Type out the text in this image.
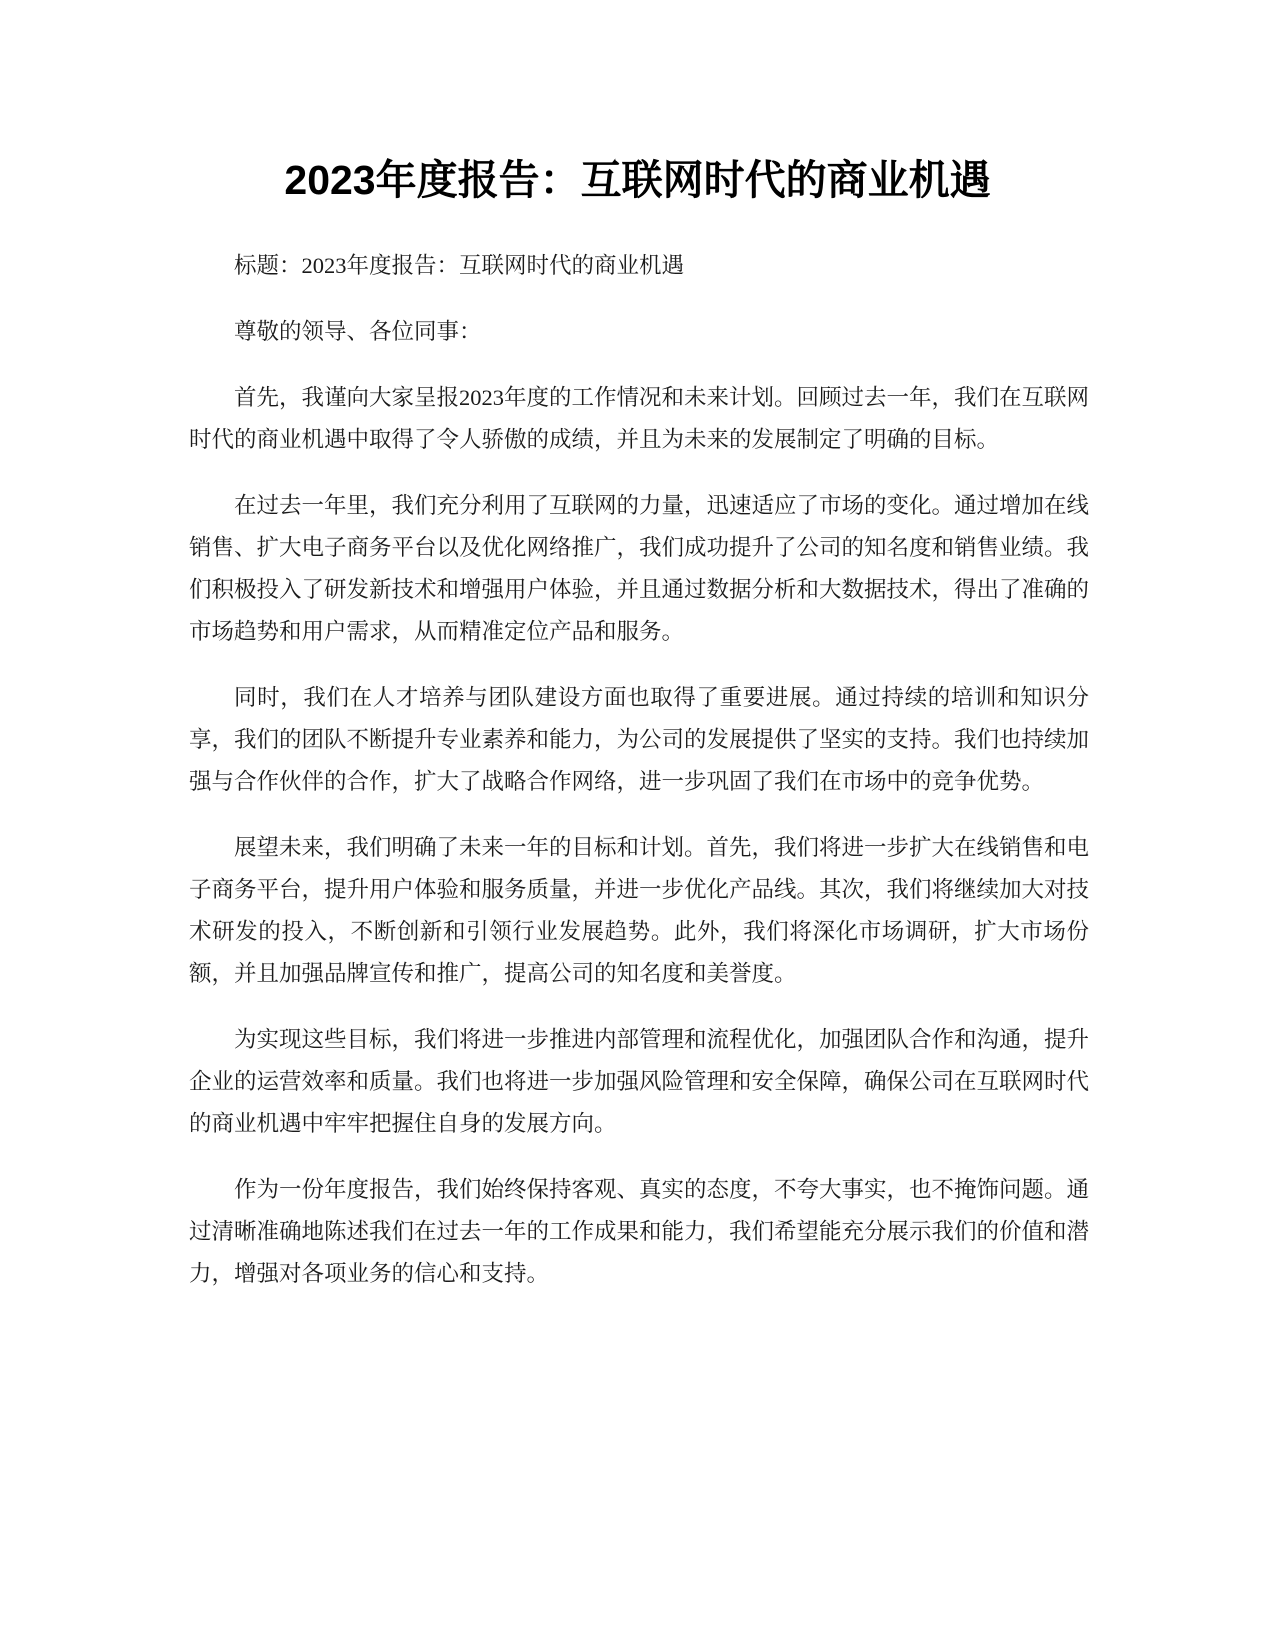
2023年度报告：互联网时代的商业机遇

标题：2023年度报告：互联网时代的商业机遇

尊敬的领导、各位同事：

首先，我谨向大家呈报2023年度的工作情况和未来计划。回顾过去一年，我们在互联网时代的商业机遇中取得了令人骄傲的成绩，并且为未来的发展制定了明确的目标。

在过去一年里，我们充分利用了互联网的力量，迅速适应了市场的变化。通过增加在线销售、扩大电子商务平台以及优化网络推广，我们成功提升了公司的知名度和销售业绩。我们积极投入了研发新技术和增强用户体验，并且通过数据分析和大数据技术，得出了准确的市场趋势和用户需求，从而精准定位产品和服务。

同时，我们在人才培养与团队建设方面也取得了重要进展。通过持续的培训和知识分享，我们的团队不断提升专业素养和能力，为公司的发展提供了坚实的支持。我们也持续加强与合作伙伴的合作，扩大了战略合作网络，进一步巩固了我们在市场中的竞争优势。

展望未来，我们明确了未来一年的目标和计划。首先，我们将进一步扩大在线销售和电子商务平台，提升用户体验和服务质量，并进一步优化产品线。其次，我们将继续加大对技术研发的投入，不断创新和引领行业发展趋势。此外，我们将深化市场调研，扩大市场份额，并且加强品牌宣传和推广，提高公司的知名度和美誉度。

为实现这些目标，我们将进一步推进内部管理和流程优化，加强团队合作和沟通，提升企业的运营效率和质量。我们也将进一步加强风险管理和安全保障，确保公司在互联网时代的商业机遇中牢牢把握住自身的发展方向。

作为一份年度报告，我们始终保持客观、真实的态度，不夸大事实，也不掩饰问题。通过清晰准确地陈述我们在过去一年的工作成果和能力，我们希望能充分展示我们的价值和潜力，增强对各项业务的信心和支持。
